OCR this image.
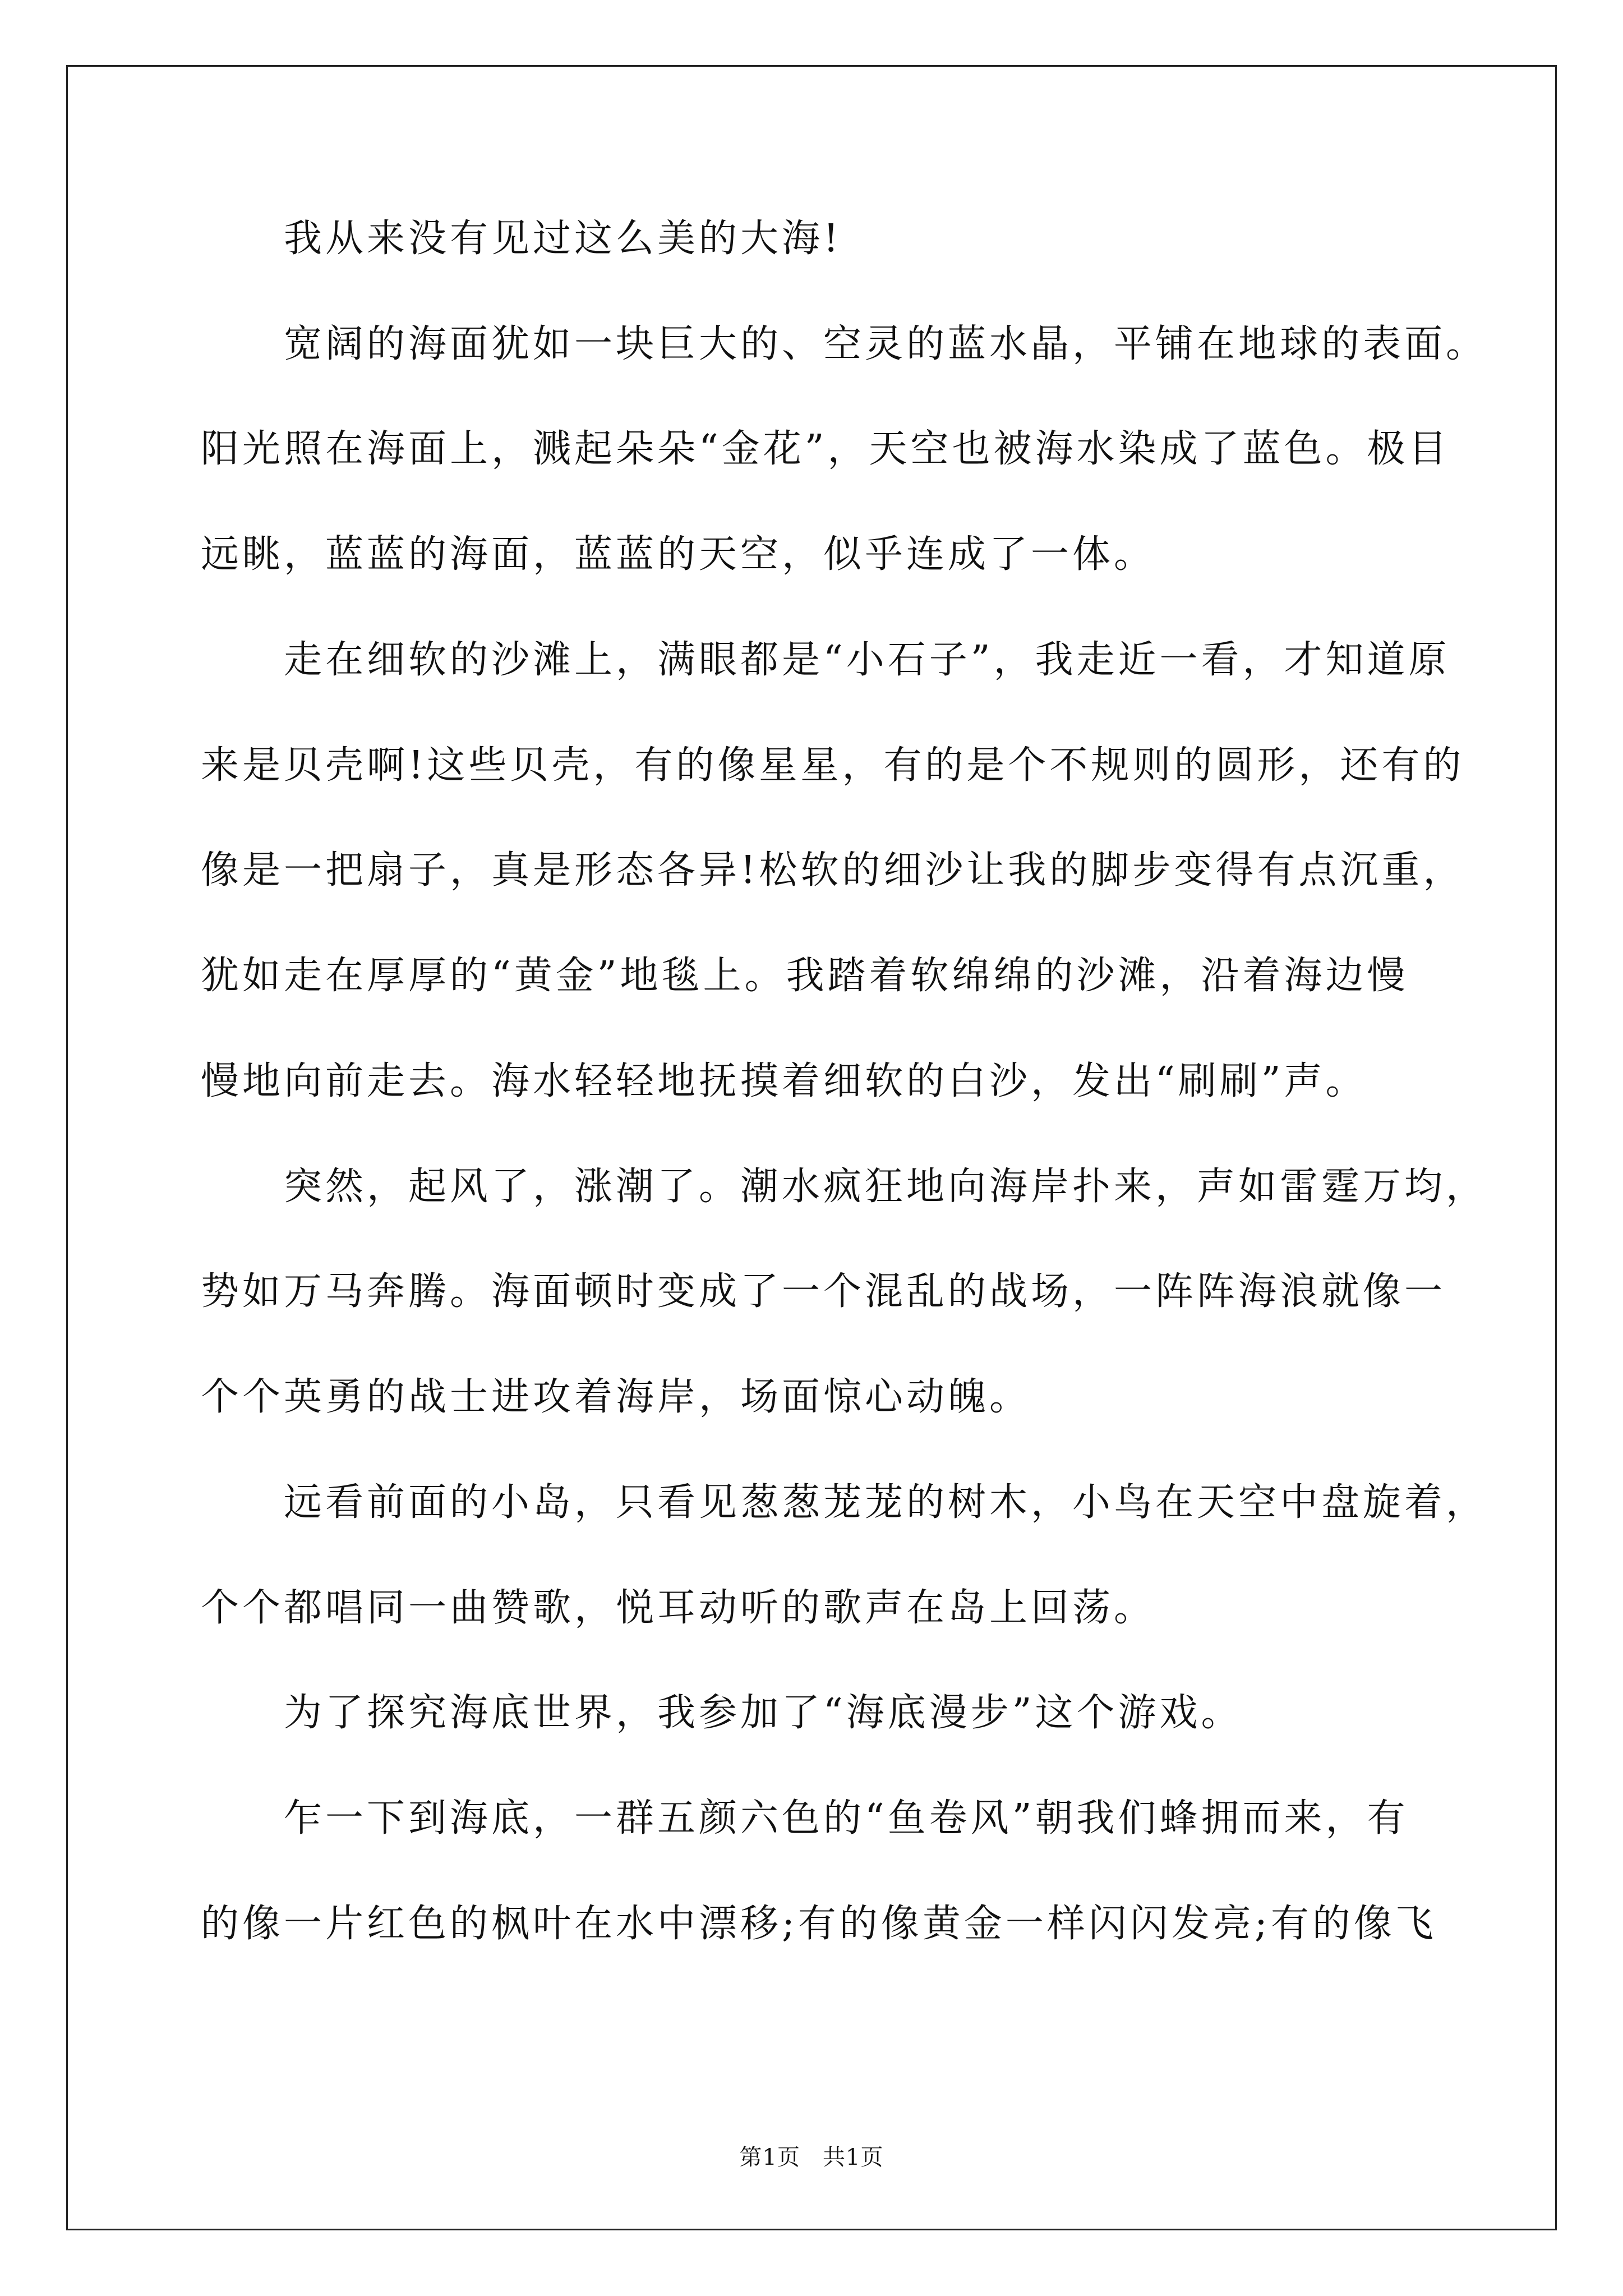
我从来没有见过这么美的大海!
宽阔的海面犹如一块巨大的、空灵的蓝水晶，平铺在地球的表面。
阳光照在海面上，溅起朵朵“金花”，天空也被海水染成了蓝色。极目
远眺，蓝蓝的海面，蓝蓝的天空，似乎连成了一体。
走在细软的沙滩上，满眼都是“小石子”，我走近一看，才知道原
来是贝壳啊!这些贝壳，有的像星星，有的是个不规则的圆形，还有的
像是一把扇子，真是形态各异!松软的细沙让我的脚步变得有点沉重，
犹如走在厚厚的“黄金”地毯上。我踏着软绵绵的沙滩，沿着海边慢
慢地向前走去。海水轻轻地抚摸着细软的白沙，发出“刷刷”声。
突然，起风了，涨潮了。潮水疯狂地向海岸扑来，声如雷霆万均，
势如万马奔腾。海面顿时变成了一个混乱的战场，一阵阵海浪就像一
个个英勇的战士进攻着海岸，场面惊心动魄。
远看前面的小岛，只看见葱葱茏茏的树木，小鸟在天空中盘旋着，
个个都唱同一曲赞歌，悦耳动听的歌声在岛上回荡。
为了探究海底世界，我参加了“海底漫步”这个游戏。
乍一下到海底，一群五颜六色的“鱼卷风”朝我们蜂拥而来，有
的像一片红色的枫叶在水中漂移;有的像黄金一样闪闪发亮;有的像飞
第1页 共1页
